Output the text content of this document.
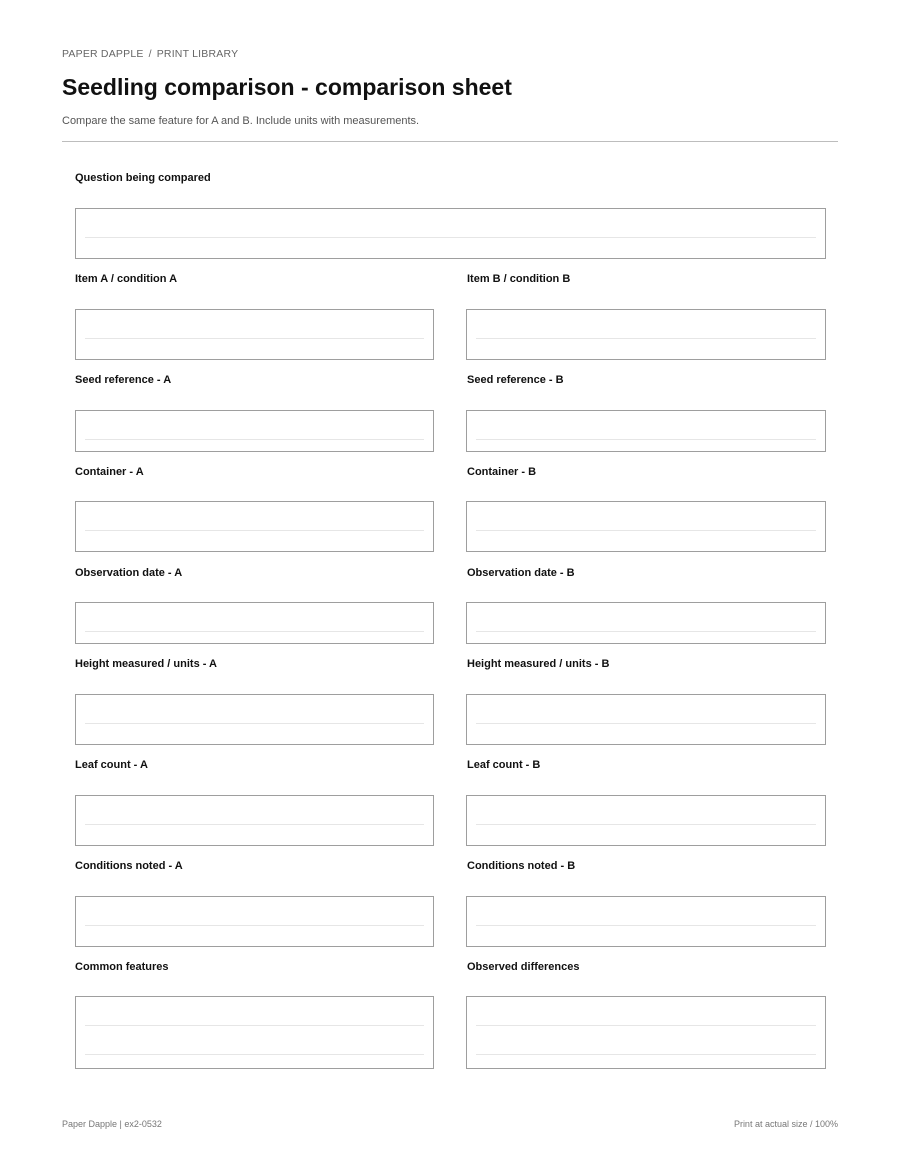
PAPER DAPPLE / PRINT LIBRARY
Seedling comparison - comparison sheet
Compare the same feature for A and B. Include units with measurements.
Question being compared
Item A / condition A	Item B / condition B
Seed reference - A	Seed reference - B
Container - A	Container - B
Observation date - A	Observation date - B
Height measured / units - A	Height measured / units - B
Leaf count - A	Leaf count - B
Conditions noted - A	Conditions noted - B
Common features	Observed differences
Paper Dapple | ex2-0532	Print at actual size / 100%
